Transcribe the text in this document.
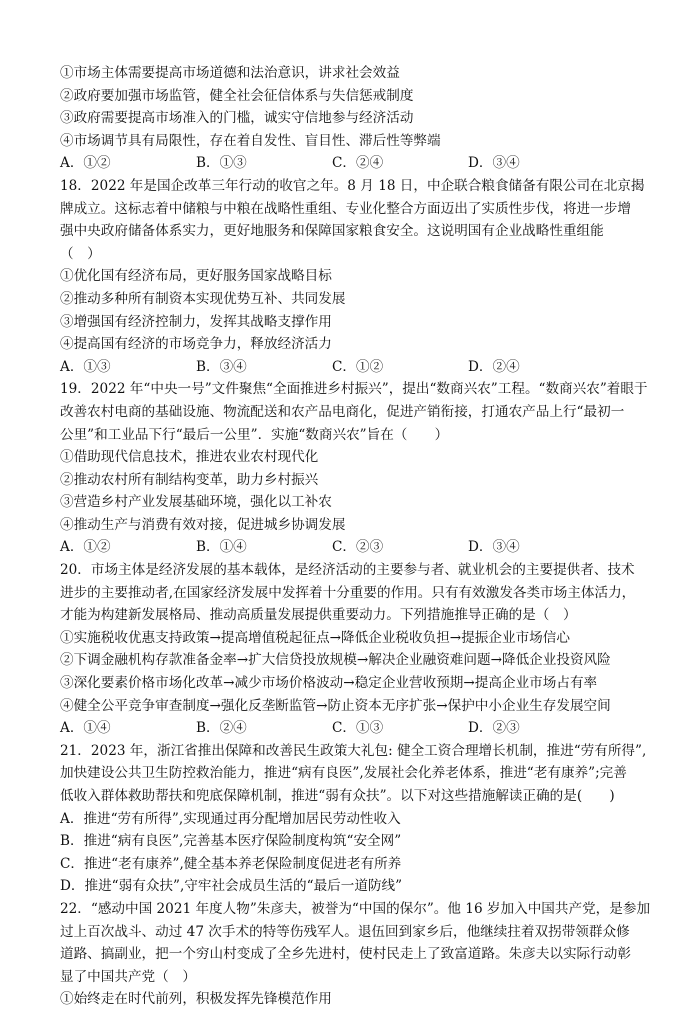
①市场主体需要提高市场道德和法治意识，讲求社会效益
②政府要加强市场监管，健全社会征信体系与失信惩戒制度
③政府需要提高市场准入的门槛，诚实守信地参与经济活动
④市场调节具有局限性，存在着自发性、盲目性、滞后性等弊端
A．①②	B．①③	C．②④	D．③④
18．2022 年是国企改革三年行动的收官之年。8 月 18 日，中企联合粮食储备有限公司在北京揭
牌成立。这标志着中储粮与中粮在战略性重组、专业化整合方面迈出了实质性步伐，将进一步增
强中央政府储备体系实力，更好地服务和保障国家粮食安全。这说明国有企业战略性重组能
（　）
①优化国有经济布局，更好服务国家战略目标
②推动多种所有制资本实现优势互补、共同发展
③增强国有经济控制力，发挥其战略支撑作用
④提高国有经济的市场竞争力，释放经济活力
A．①③	B．③④	C．①②	D．②④
19．2022 年“中央一号”文件聚焦“全面推进乡村振兴”，提出“数商兴农”工程。“数商兴农”着眼于
改善农村电商的基础设施、物流配送和农产品电商化，促进产销衔接，打通农产品上行“最初一
公里”和工业品下行“最后一公里”．实施“数商兴农”旨在（　　）
①借助现代信息技术，推进农业农村现代化
②推动农村所有制结构变革，助力乡村振兴
③营造乡村产业发展基础环境，强化以工补农
④推动生产与消费有效对接，促进城乡协调发展
A．①②	B．①④	C．②③	D．③④
20．市场主体是经济发展的基本载体，是经济活动的主要参与者、就业机会的主要提供者、技术
进步的主要推动者,在国家经济发展中发挥着十分重要的作用。只有有效激发各类市场主体活力，
才能为构建新发展格局、推动高质量发展提供重要动力。下列措施推导正确的是（　）
①实施税收优惠支持政策→提高增值税起征点→降低企业税收负担→提振企业市场信心
②下调金融机构存款准备金率→扩大信贷投放规模→解决企业融资难问题→降低企业投资风险
③深化要素价格市场化改革→减少市场价格波动→稳定企业营收预期→提高企业市场占有率
④健全公平竞争审查制度→强化反垄断监管→防止资本无序扩张→保护中小企业生存发展空间
A．①④	B．②④	C．①③	D．②③
21．2023 年，浙江省推出保障和改善民生政策大礼包: 健全工资合理增长机制，推进“劳有所得”,
加快建设公共卫生防控救治能力，推进“病有良医”,发展社会化养老体系，推进“老有康养”;完善
低收入群体救助帮扶和兜底保障机制，推进“弱有众扶”。以下对这些措施解读正确的是(　　)
A．推进“劳有所得”,实现通过再分配增加居民劳动性收入
B．推进“病有良医”,完善基本医疗保险制度构筑“安全网”
C．推进“老有康养”,健全基本养老保险制度促进老有所养
D．推进“弱有众扶”,守牢社会成员生活的“最后一道防线”
22．“感动中国 2021 年度人物”朱彦夫，被誉为“中国的保尔”。他 16 岁加入中国共产党，是参加
过上百次战斗、动过 47 次手术的特等伤残军人。退伍回到家乡后，他继续拄着双拐带领群众修
道路、搞副业，把一个穷山村变成了全乡先进村，使村民走上了致富道路。朱彦夫以实际行动彰
显了中国共产党（　）
①始终走在时代前列，积极发挥先锋模范作用
